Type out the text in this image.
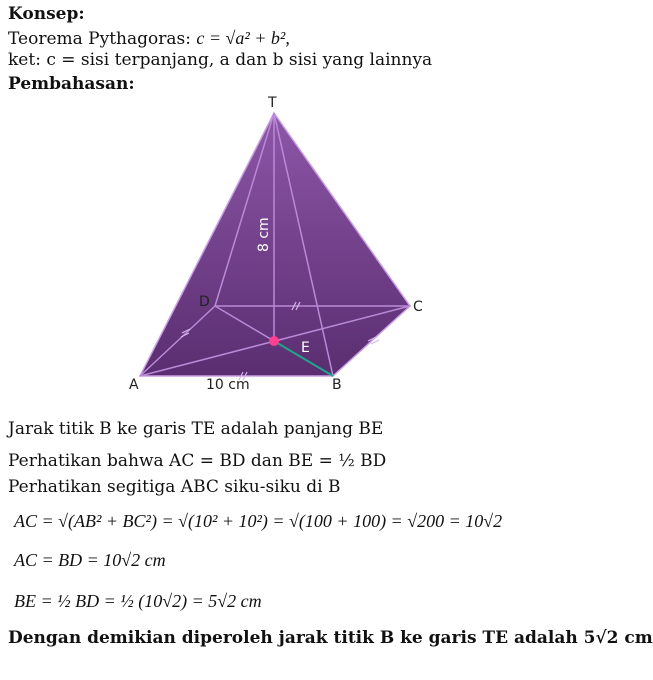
Konsep:
Teorema Pythagoras: c = √a² + b²,
ket: c = sisi terpanjang, a dan b sisi yang lainnya
Pembahasan:
T
D	C
E
A	B
10 cm
8 cm
Jarak titik B ke garis TE adalah panjang BE
Perhatikan bahwa AC = BD dan BE = ½ BD
Perhatikan segitiga ABC siku-siku di B
AC = √(AB² + BC²) = √(10² + 10²) = √(100 + 100) = √200 = 10√2
AC = BD = 10√2 cm
BE = ½ BD = ½ (10√2) = 5√2 cm
Dengan demikian diperoleh jarak titik B ke garis TE adalah 5√2 cm
